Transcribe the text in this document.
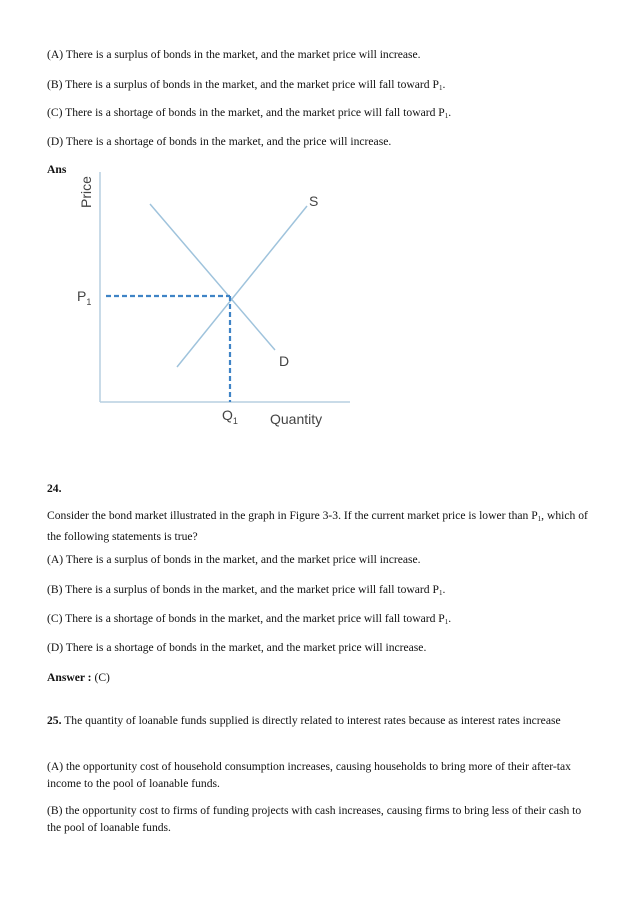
(A) There is a surplus of bonds in the market, and the market price will increase.
(B) There is a surplus of bonds in the market, and the market price will fall toward $P_1$.
(C) There is a shortage of bonds in the market, and the market price will fall toward $P_1$.
(D) There is a shortage of bonds in the market, and the price will increase.
Ans
Price	S
D
$P_1$
$Q_1$ Quantity
24.
Consider the bond market illustrated in the graph in Figure 3-3. If the current market price is lower than $P_1$, which of the following statements is true?
(A) There is a surplus of bonds in the market, and the market price will increase.
(B) There is a surplus of bonds in the market, and the market price will fall toward $P_1$.
(C) There is a shortage of bonds in the market, and the market price will fall toward $P_1$.
(D) There is a shortage of bonds in the market, and the market price will increase.
Answer : (C)
25. The quantity of loanable funds supplied is directly related to interest rates because as interest rates increase
(A) the opportunity cost of household consumption increases, causing households to bring more of their after-tax income to the pool of loanable funds.
(B) the opportunity cost to firms of funding projects with cash increases, causing firms to bring less of their cash to the pool of loanable funds.
